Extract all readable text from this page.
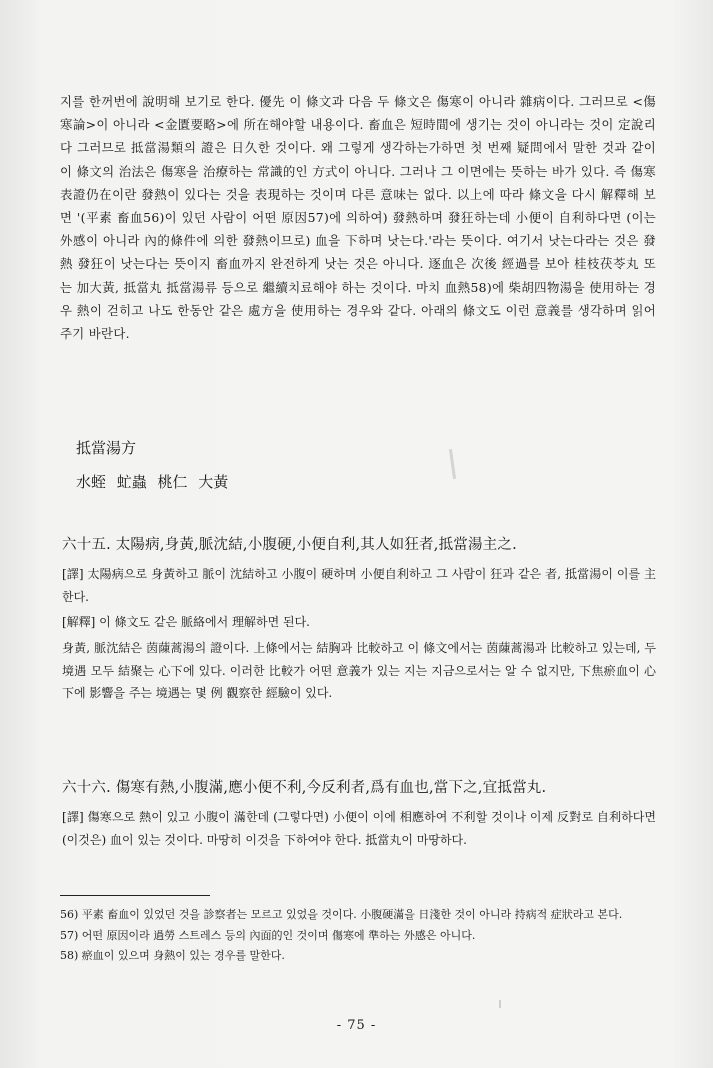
지를 한꺼번에 說明해 보기로 한다. 優先 이 條文과 다음 두 條文은 傷寒이 아니라 雜病이다. 그러므로 <傷寒論>이 아니라 <金匱要略>에 所在해야할 내용이다. 畜血은 短時間에 생기는 것이 아니라는 것이 定說리다 그러므로 抵當湯類의 證은 日久한 것이다. 왜 그렇게 생각하는가하면 첫 번째 疑問에서 말한 것과 같이 이 條文의 治法은 傷寒을 治療하는 常識的인 方式이 아니다. 그러나 그 이면에는 뜻하는 바가 있다. 즉 傷寒表證仍在이란 發熱이 있다는 것을 表現하는 것이며 다른 意味는 없다. 以上에 따라 條文을 다시 解釋해 보면 '(平素 畜血56)이 있던 사람이 어떤 原因57)에 의하여) 發熱하며 發狂하는데 小便이 自利하다면 (이는 外感이 아니라 內的條件에 의한 發熱이므로) 血을 下하며 낫는다.'라는 뜻이다. 여기서 낫는다라는 것은 發熱 發狂이 낫는다는 뜻이지 畜血까지 완전하게 낫는 것은 아니다. 逐血은 次後 經過를 보아 桂枝茯苓丸 또는 加大黃, 抵當丸 抵當湯류 등으로 繼續치료해야 하는 것이다. 마치 血熱58)에 柴胡四物湯을 使用하는 경우 熱이 걷히고 나도 한동안 같은 處方을 使用하는 경우와 같다. 아래의 條文도 이런 意義를 생각하며 읽어주기 바란다.
抵當湯方
水蛭 虻蟲 桃仁 大黃
六十五. 太陽病,身黃,脈沈結,小腹硬,小便自利,其人如狂者,抵當湯主之.
[譯] 太陽病으로 身黃하고 脈이 沈結하고 小腹이 硬하며 小便自利하고 그 사람이 狂과 같은 者, 抵當湯이 이를 主한다.
[解釋] 이 條文도 같은 脈絡에서 理解하면 된다.
身黃, 脈沈結은 茵蔯蒿湯의 證이다. 上條에서는 結胸과 比較하고 이 條文에서는 茵蔯蒿湯과 比較하고 있는데, 두 境遇 모두 結聚는 心下에 있다. 이러한 比較가 어떤 意義가 있는 지는 지금으로서는 알 수 없지만, 下焦瘀血이 心下에 影響을 주는 境遇는 몇 例 觀察한 經驗이 있다.
六十六. 傷寒有熱,小腹滿,應小便不利,今反利者,爲有血也,當下之,宜抵當丸.
[譯] 傷寒으로 熱이 있고 小腹이 滿한데 (그렇다면) 小便이 이에 相應하여 不利할 것이나 이제 反對로 自利하다면 (이것은) 血이 있는 것이다. 마땅히 이것을 下하여야 한다. 抵當丸이 마땅하다.

56) 平素 畜血이 있었던 것을 診察者는 모르고 있었을 것이다. 小腹硬滿을 日淺한 것이 아니라 持病적 症狀라고 본다.

57) 어떤 原因이라 過勞 스트레스 등의 內面的인 것이며 傷寒에 準하는 外感은 아니다.

58) 瘀血이 있으며 身熱이 있는 경우를 말한다.

- 75 -
